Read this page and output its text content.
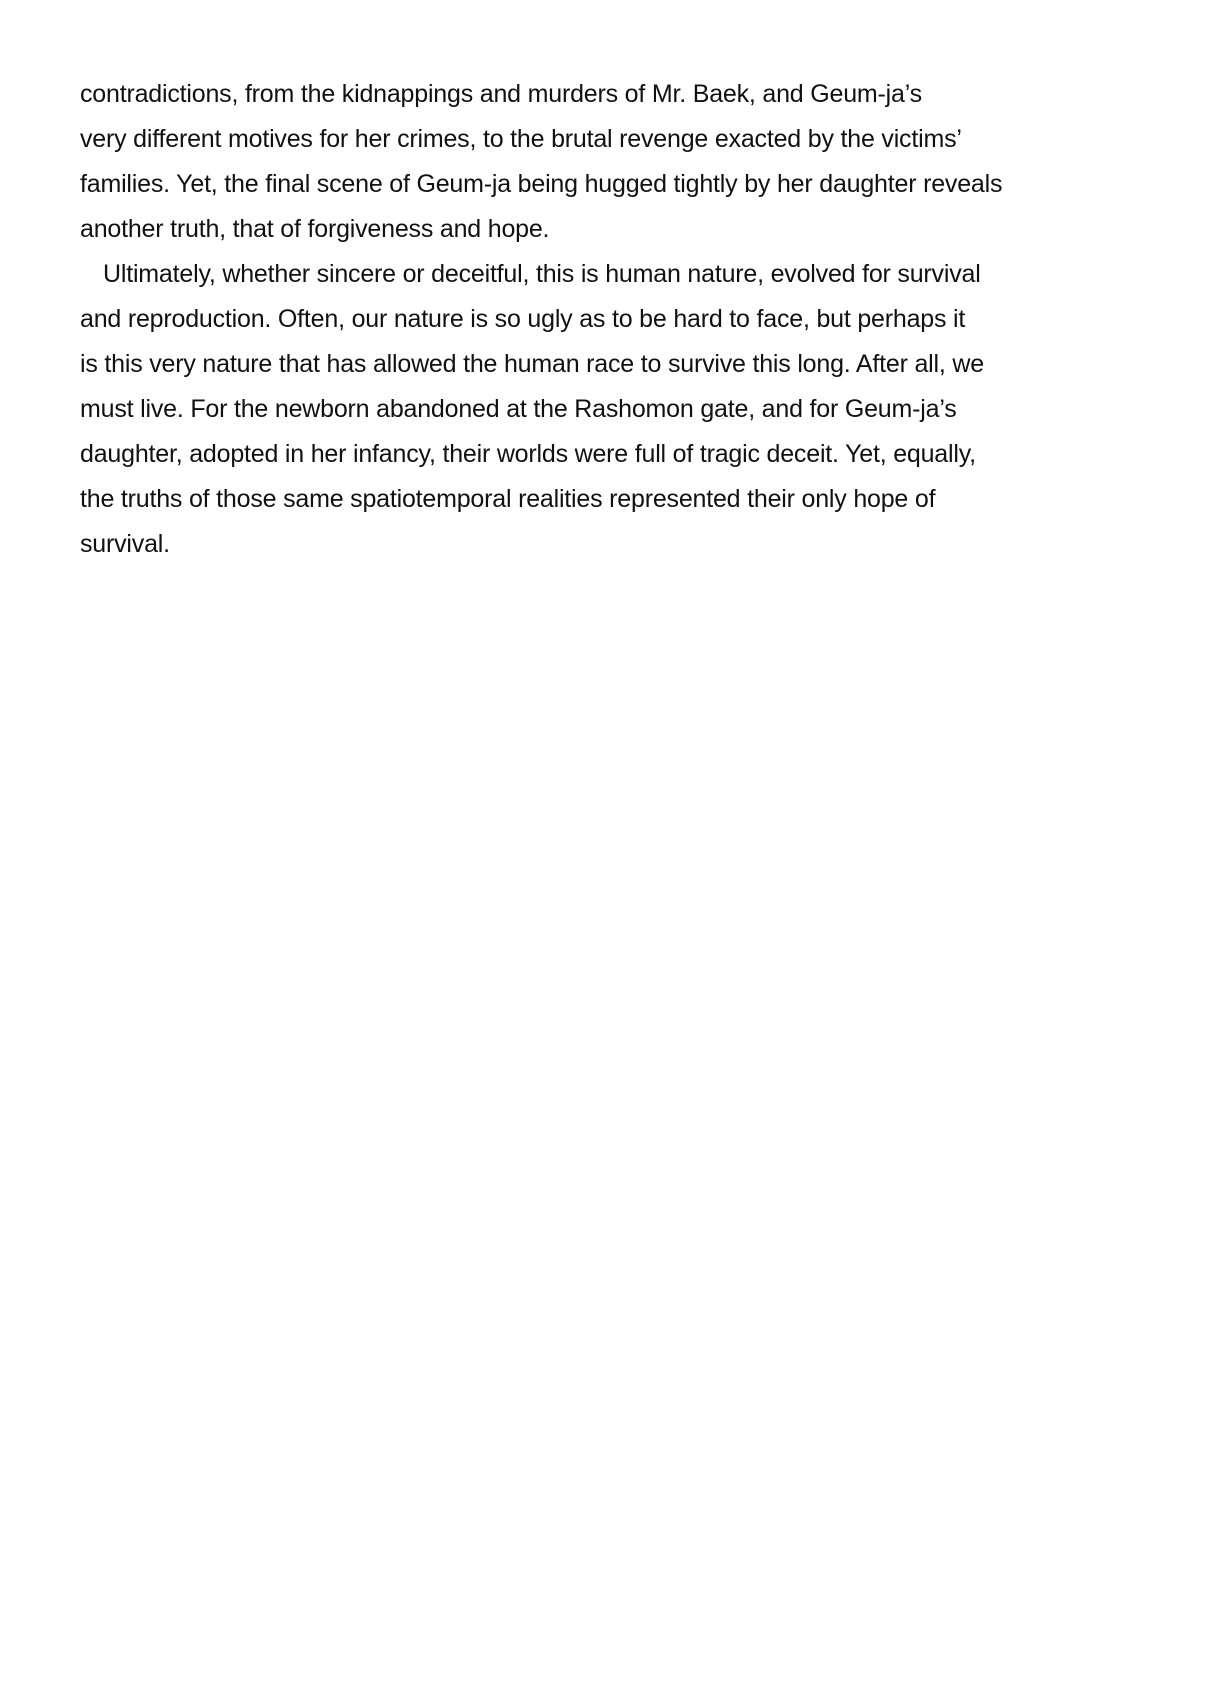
contradictions, from the kidnappings and murders of Mr. Baek, and Geum-ja’s
very different motives for her crimes, to the brutal revenge exacted by the victims’
families. Yet, the final scene of Geum-ja being hugged tightly by her daughter reveals
another truth, that of forgiveness and hope.
Ultimately, whether sincere or deceitful, this is human nature, evolved for survival
and reproduction. Often, our nature is so ugly as to be hard to face, but perhaps it
is this very nature that has allowed the human race to survive this long. After all, we
must live. For the newborn abandoned at the Rashomon gate, and for Geum-ja’s
daughter, adopted in her infancy, their worlds were full of tragic deceit. Yet, equally,
the truths of those same spatiotemporal realities represented their only hope of
survival.
